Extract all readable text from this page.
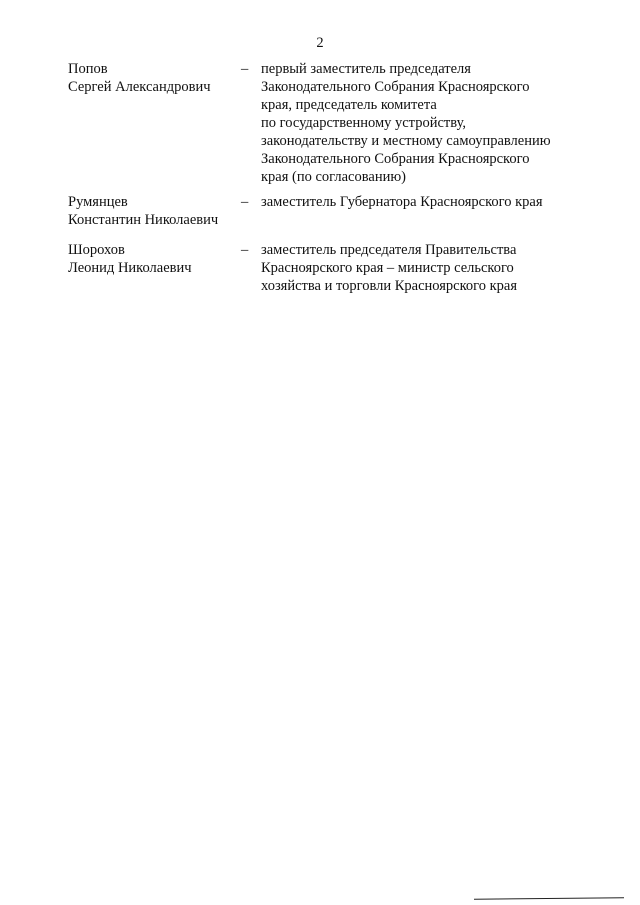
2
Попов
Сергей Александрович
– первый заместитель председателя
Законодательного Собрания Красноярского
края, председатель комитета
по государственному устройству,
законодательству и местному самоуправлению
Законодательного Собрания Красноярского
края (по согласованию)
Румянцев
Константин Николаевич
– заместитель Губернатора Красноярского края
Шорохов
Леонид Николаевич
– заместитель председателя Правительства
Красноярского края – министр сельского
хозяйства и торговли Красноярского края
